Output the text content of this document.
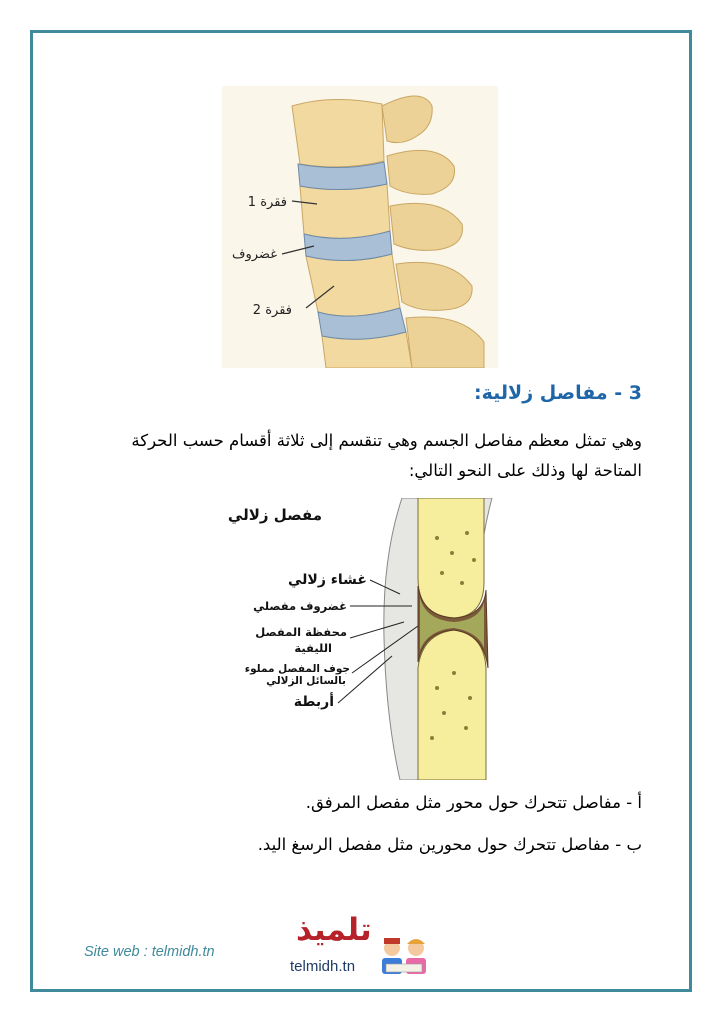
فقرة 1
غضروف
فقرة 2
3 - مفاصل زلالية:
وهي تمثل معظم مفاصل الجسم وهي تنقسم إلى ثلاثة أقسام حسب الحركة المتاحة لها وذلك على النحو التالي:
مفصل زلالي
غشاء زلالي
غضروف مفصلي
محفظة المفصل
الليفية
جوف المفصل مملوء
بالسائل الزلالي
أربطة
أ - مفاصل تتحرك حول محور مثل مفصل المرفق.
ب - مفاصل تتحرك حول محورين مثل مفصل الرسغ اليد.
Site web : telmidh.tn
تلميذ
telmidh.tn
